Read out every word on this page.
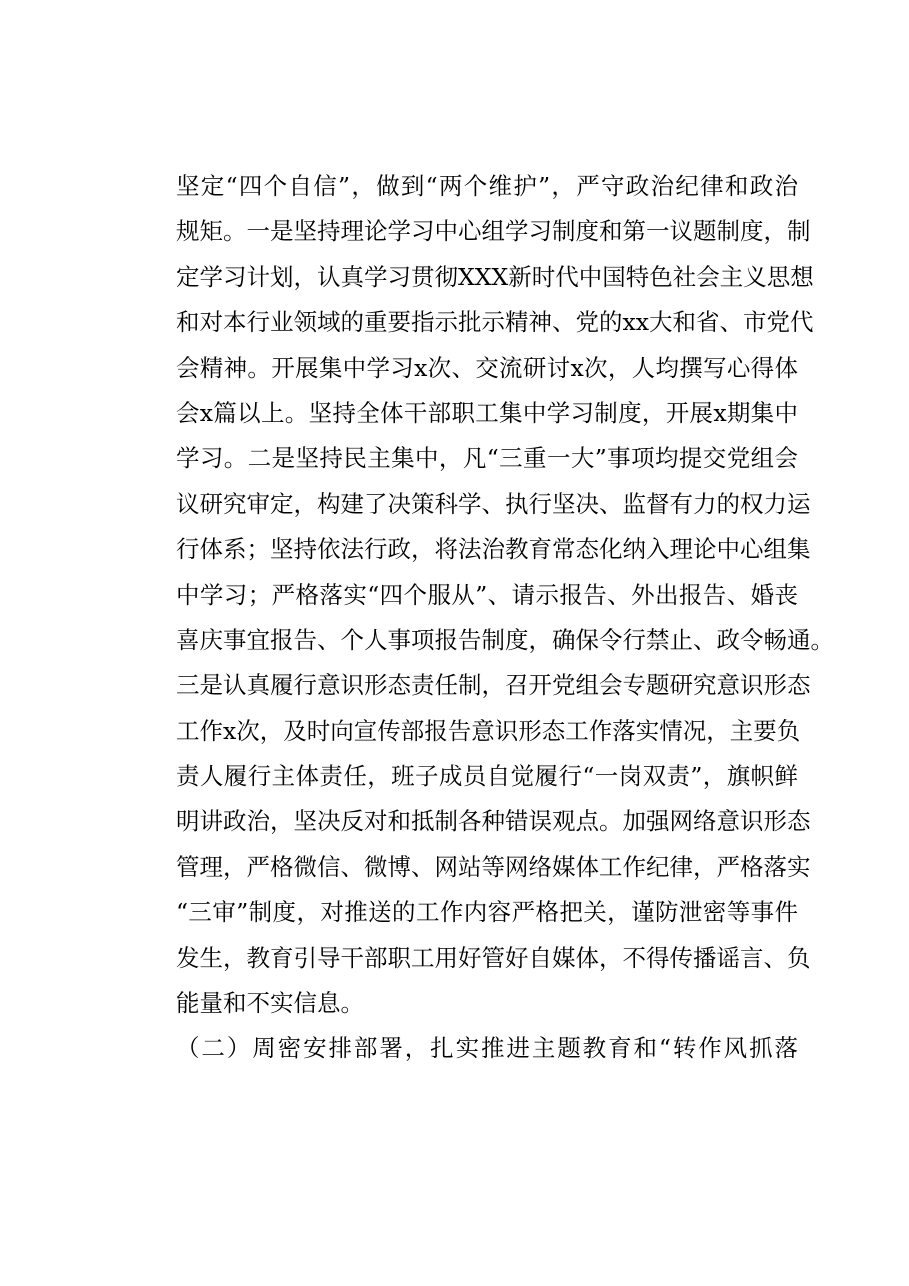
坚定“四个自信”，做到“两个维护”，严守政治纪律和政治
规矩。一是坚持理论学习中心组学习制度和第一议题制度，制
定学习计划，认真学习贯彻XXX新时代中国特色社会主义思想
和对本行业领域的重要指示批示精神、党的xx大和省、市党代
会精神。开展集中学习x次、交流研讨x次，人均撰写心得体
会x篇以上。坚持全体干部职工集中学习制度，开展x期集中
学习。二是坚持民主集中，凡“三重一大”事项均提交党组会
议研究审定，构建了决策科学、执行坚决、监督有力的权力运
行体系；坚持依法行政，将法治教育常态化纳入理论中心组集
中学习；严格落实“四个服从”、请示报告、外出报告、婚丧
喜庆事宜报告、个人事项报告制度，确保令行禁止、政令畅通。
三是认真履行意识形态责任制，召开党组会专题研究意识形态
工作x次，及时向宣传部报告意识形态工作落实情况，主要负
责人履行主体责任，班子成员自觉履行“一岗双责”，旗帜鲜
明讲政治，坚决反对和抵制各种错误观点。加强网络意识形态
管理，严格微信、微博、网站等网络媒体工作纪律，严格落实
“三审”制度，对推送的工作内容严格把关，谨防泄密等事件
发生，教育引导干部职工用好管好自媒体，不得传播谣言、负
能量和不实信息。
（二）周密安排部署，扎实推进主题教育和“转作风抓落
